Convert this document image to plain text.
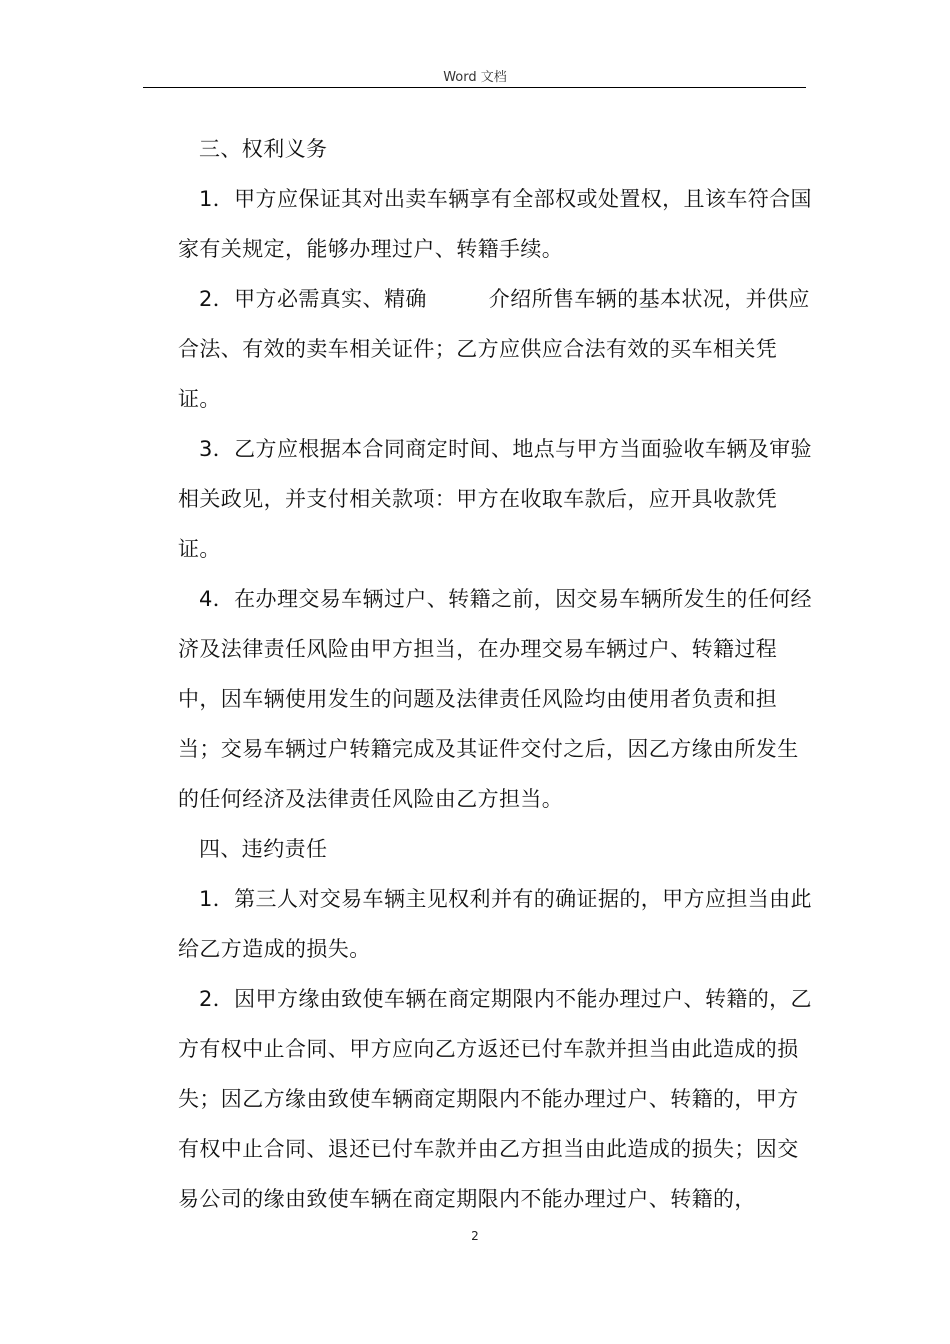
Word 文档

三、权利义务

1．甲方应保证其对出卖车辆享有全部权或处置权，且该车符合国家有关规定，能够办理过户、转籍手续。

2．甲方必需真实、精确	介绍所售车辆的基本状况，并供应合法、有效的卖车相关证件；乙方应供应合法有效的买车相关凭证。

3．乙方应根据本合同商定时间、地点与甲方当面验收车辆及审验相关政见，并支付相关款项：甲方在收取车款后，应开具收款凭证。

4．在办理交易车辆过户、转籍之前，因交易车辆所发生的任何经济及法律责任风险由甲方担当，在办理交易车辆过户、转籍过程中，因车辆使用发生的问题及法律责任风险均由使用者负责和担当；交易车辆过户转籍完成及其证件交付之后，因乙方缘由所发生的任何经济及法律责任风险由乙方担当。

四、违约责任

1．第三人对交易车辆主见权利并有的确证据的，甲方应担当由此给乙方造成的损失。

2．因甲方缘由致使车辆在商定期限内不能办理过户、转籍的，乙方有权中止合同、甲方应向乙方返还已付车款并担当由此造成的损失；因乙方缘由致使车辆商定期限内不能办理过户、转籍的，甲方有权中止合同、退还已付车款并由乙方担当由此造成的损失；因交易公司的缘由致使车辆在商定期限内不能办理过户、转籍的，

2
